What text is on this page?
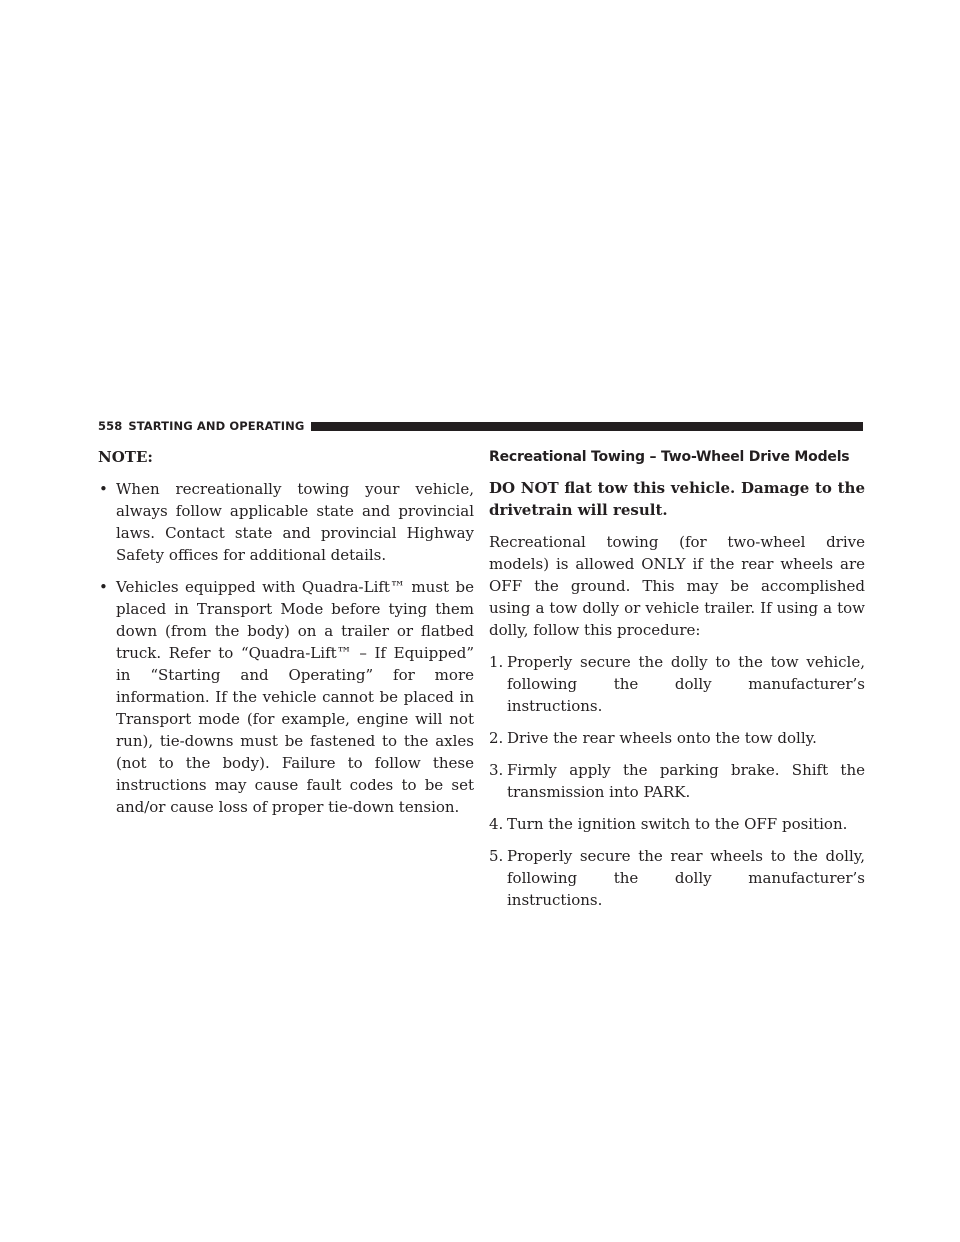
558 STARTING AND OPERATING

NOTE:

• When recreationally towing your vehicle, always follow applicable state and provincial laws. Contact state and provincial Highway Safety offices for additional details.

• Vehicles equipped with Quadra-Lift™ must be placed in Transport Mode before tying them down (from the body) on a trailer or flatbed truck. Refer to “Quadra-Lift™ – If Equipped” in “Starting and Operating” for more information. If the vehicle cannot be placed in Transport mode (for example, engine will not run), tie-downs must be fastened to the axles (not to the body). Failure to follow these instructions may cause fault codes to be set and/or cause loss of proper tie-down tension.

Recreational Towing – Two-Wheel Drive Models

DO NOT flat tow this vehicle. Damage to the drivetrain will result.

Recreational towing (for two-wheel drive models) is allowed ONLY if the rear wheels are OFF the ground. This may be accomplished using a tow dolly or vehicle trailer. If using a tow dolly, follow this procedure:

1. Properly secure the dolly to the tow vehicle, following the dolly manufacturer’s instructions.

2. Drive the rear wheels onto the tow dolly.

3. Firmly apply the parking brake. Shift the transmission into PARK.

4. Turn the ignition switch to the OFF position.

5. Properly secure the rear wheels to the dolly, following the dolly manufacturer’s instructions.
